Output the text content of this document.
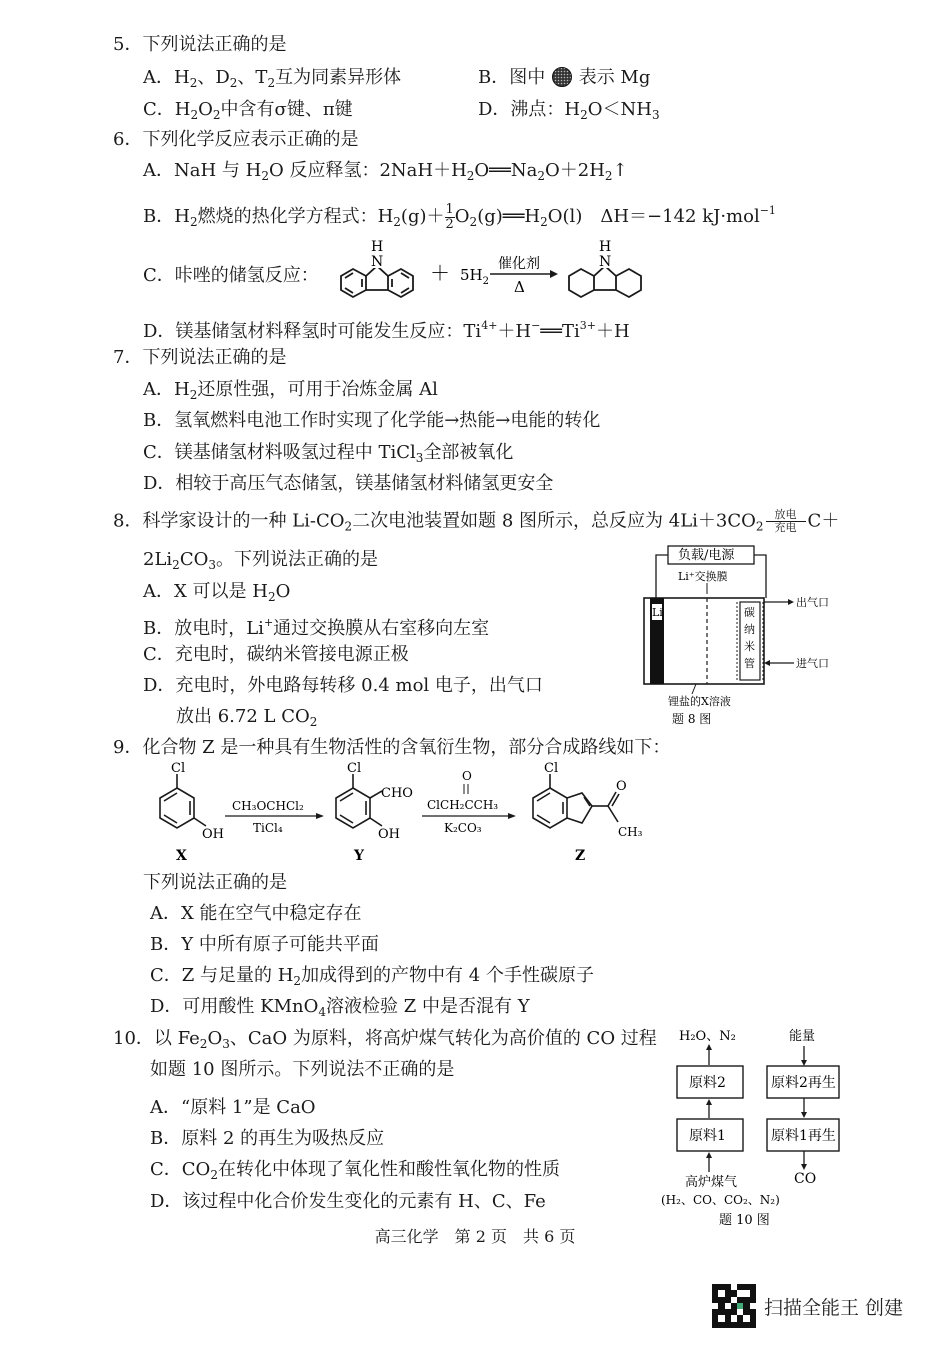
5．下列说法正确的是
A．$H_2$、$D_2$、$T_2$互为同素异形体	B．图中 表示 Mg
C．$H_2O_2$中含有σ键、π键	D．沸点：$H_2O<NH_3$
6．下列化学反应表示正确的是
A．NaH 与 $H_2O$ 反应释氢：$2NaH+H_2O══Na_2O+2H_2↑$
B．$H_2$燃烧的热化学方程式：$H_2(g)+ \frac{1}{2}$ $O_2(g)══H_2O(l)$　ΔH＝−142 kJ·mol$^{-1}$
C．咔唑的储氢反应：
N
H
＋ $5H_2$
催化剂
Δ
N
H
D．镁基储氢材料释氢时可能发生反应：$Ti^{4+}+H^-══Ti^{3+}+H$
7．下列说法正确的是
A．$H_2$还原性强，可用于冶炼金属 Al
B．氢氧燃料电池工作时实现了化学能→热能→电能的转化
C．镁基储氢材料吸氢过程中 TiCl$_3$全部被氧化
D．相较于高压气态储氢，镁基储氢材料储氢更安全
8．科学家设计的一种 $Li-CO_2$二次电池装置如题 8 图所示，总反应为 $4Li+3CO_2$
放电
充电 C＋
$2Li_2CO_3$。下列说法正确的是
A．X 可以是 $H_2O$
B．放电时，Li+通过交换膜从右室移向左室
C．充电时，碳纳米管接电源正极
D．充电时，外电路每转移 0.4 mol 电子，出气口
放出 6.72 L $CO_2$
负载/电源
Li⁺交换膜
Li	碳
纳
米
管
出气口
进气口
锂盐的X溶液
题 8 图
9．化合物 Z 是一种具有生物活性的含氧衍生物，部分合成路线如下：
Cl
OH
X
CH₃OCHCl₂
TiCl₄
Cl
CHO
OH
Y
O
ClCH₂CCH₃
K₂CO₃
Cl
O
CH₃
Z
下列说法正确的是
A．X 能在空气中稳定存在
B．Y 中所有原子可能共平面
C．Z 与足量的 $H_2$加成得到的产物中有 4 个手性碳原子
D．可用酸性 KMnO$_4$溶液检验 Z 中是否混有 Y
10．以 $Fe_2O_3$、CaO 为原料，将高炉煤气转化为高价值的 CO 过程
如题 10 图所示。下列说法不正确的是
A．“原料 1”是 CaO
B．原料 2 的再生为吸热反应
C．$CO_2$在转化中体现了氧化性和酸性氧化物的性质
D．该过程中化合价发生变化的元素有 H、C、Fe
H₂O、N₂	能量
原料2	原料2再生
原料1	原料1再生
高炉煤气
(H₂、CO、CO₂、N₂)
CO
题 10 图
高三化学　第 2 页　共 6 页
扫描全能王 创建
